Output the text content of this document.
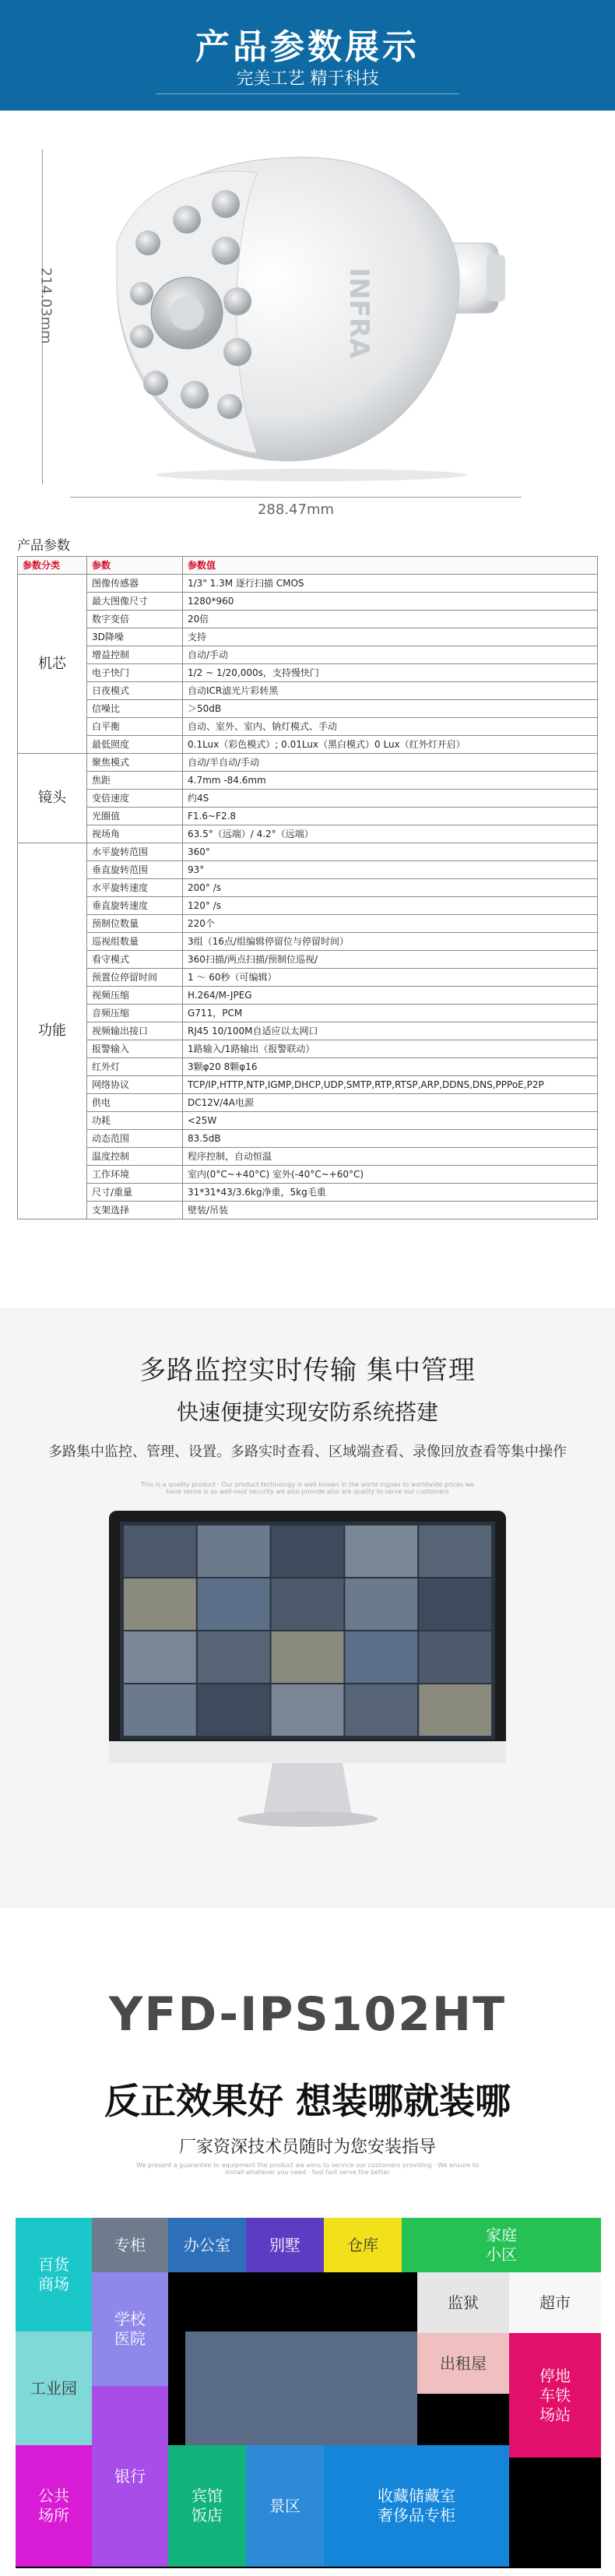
产品参数展示
完美工艺 精于科技
214.03mm	INFRA
288.47mm
产品参数
参数分类	参数	参数值
机芯	图像传感器	1/3" 1.3M 逐行扫描 CMOS
	最大图像尺寸	1280*960
	数字变倍	20倍
	3D降噪	支持
	增益控制	自动/手动
	电子快门	1/2 ~ 1/20,000s，支持慢快门
	日夜模式	自动ICR滤光片彩转黑
	信噪比	＞50dB
	白平衡	自动、室外、室内、钠灯模式、手动
	最低照度	0.1Lux（彩色模式）; 0.01Lux（黑白模式）0 Lux（红外灯开启）
镜头	聚焦模式	自动/半自动/手动
	焦距	4.7mm -84.6mm
	变倍速度	约4S
	光圈值	F1.6~F2.8
	视场角	63.5°（远端）/ 4.2°（远端）
功能	水平旋转范围	360°
	垂直旋转范围	93°
	水平旋转速度	200° /s
	垂直旋转速度	120° /s
	预制位数量	220个
	巡视组数量	3组（16点/组编辑停留位与停留时间）
	看守模式	360扫描/两点扫描/预制位巡视/
	预置位停留时间	1 ～ 60秒（可编辑）
	视频压缩	H.264/M-JPEG
	音频压缩	G711，PCM
	视频输出接口	RJ45 10/100M自适应以太网口
	报警输入	1路输入/1路输出（报警联动）
	红外灯	3颗φ20 8颗φ16
	网络协议	TCP/IP,HTTP,NTP,IGMP,DHCP,UDP,SMTP,RTP,RTSP,ARP,DDNS,DNS,PPPoE,P2P
	供电	DC12V/4A电源
	功耗	<25W
	动态范围	83.5dB
	温度控制	程序控制，自动恒温
	工作环境	室内(0°C~+40°C) 室外(-40°C~+60°C)
	尺寸/重量	31*31*43/3.6kg净重，5kg毛重
	支架选择	壁装/吊装
多路监控实时传输 集中管理
快速便捷实现安防系统搭建
多路集中监控、管理、设置。多路实时查看、区域端查看、录像回放查看等集中操作
This is a quality product · Our product technology is well known in the world ingoes to worldwide prices we have sense is as well-vast security we also provide also are quality to serve our customers
YFD-IPS102HT
反正效果好 想装哪就装哪
厂家资深技术员随时为您安装指导
We present a guarantee to equipment the product we aims to service our customers providing · We ensure to install whatever you need · fast fast serve the better
百货
商场
专柜	办公室	别墅	仓库
家庭
小区
工业园
学校
医院
监狱	超市
出租屋
停地
车铁
场站
公共
场所
银行
宾馆
饭店
景区
收藏储藏室
奢侈品专柜
